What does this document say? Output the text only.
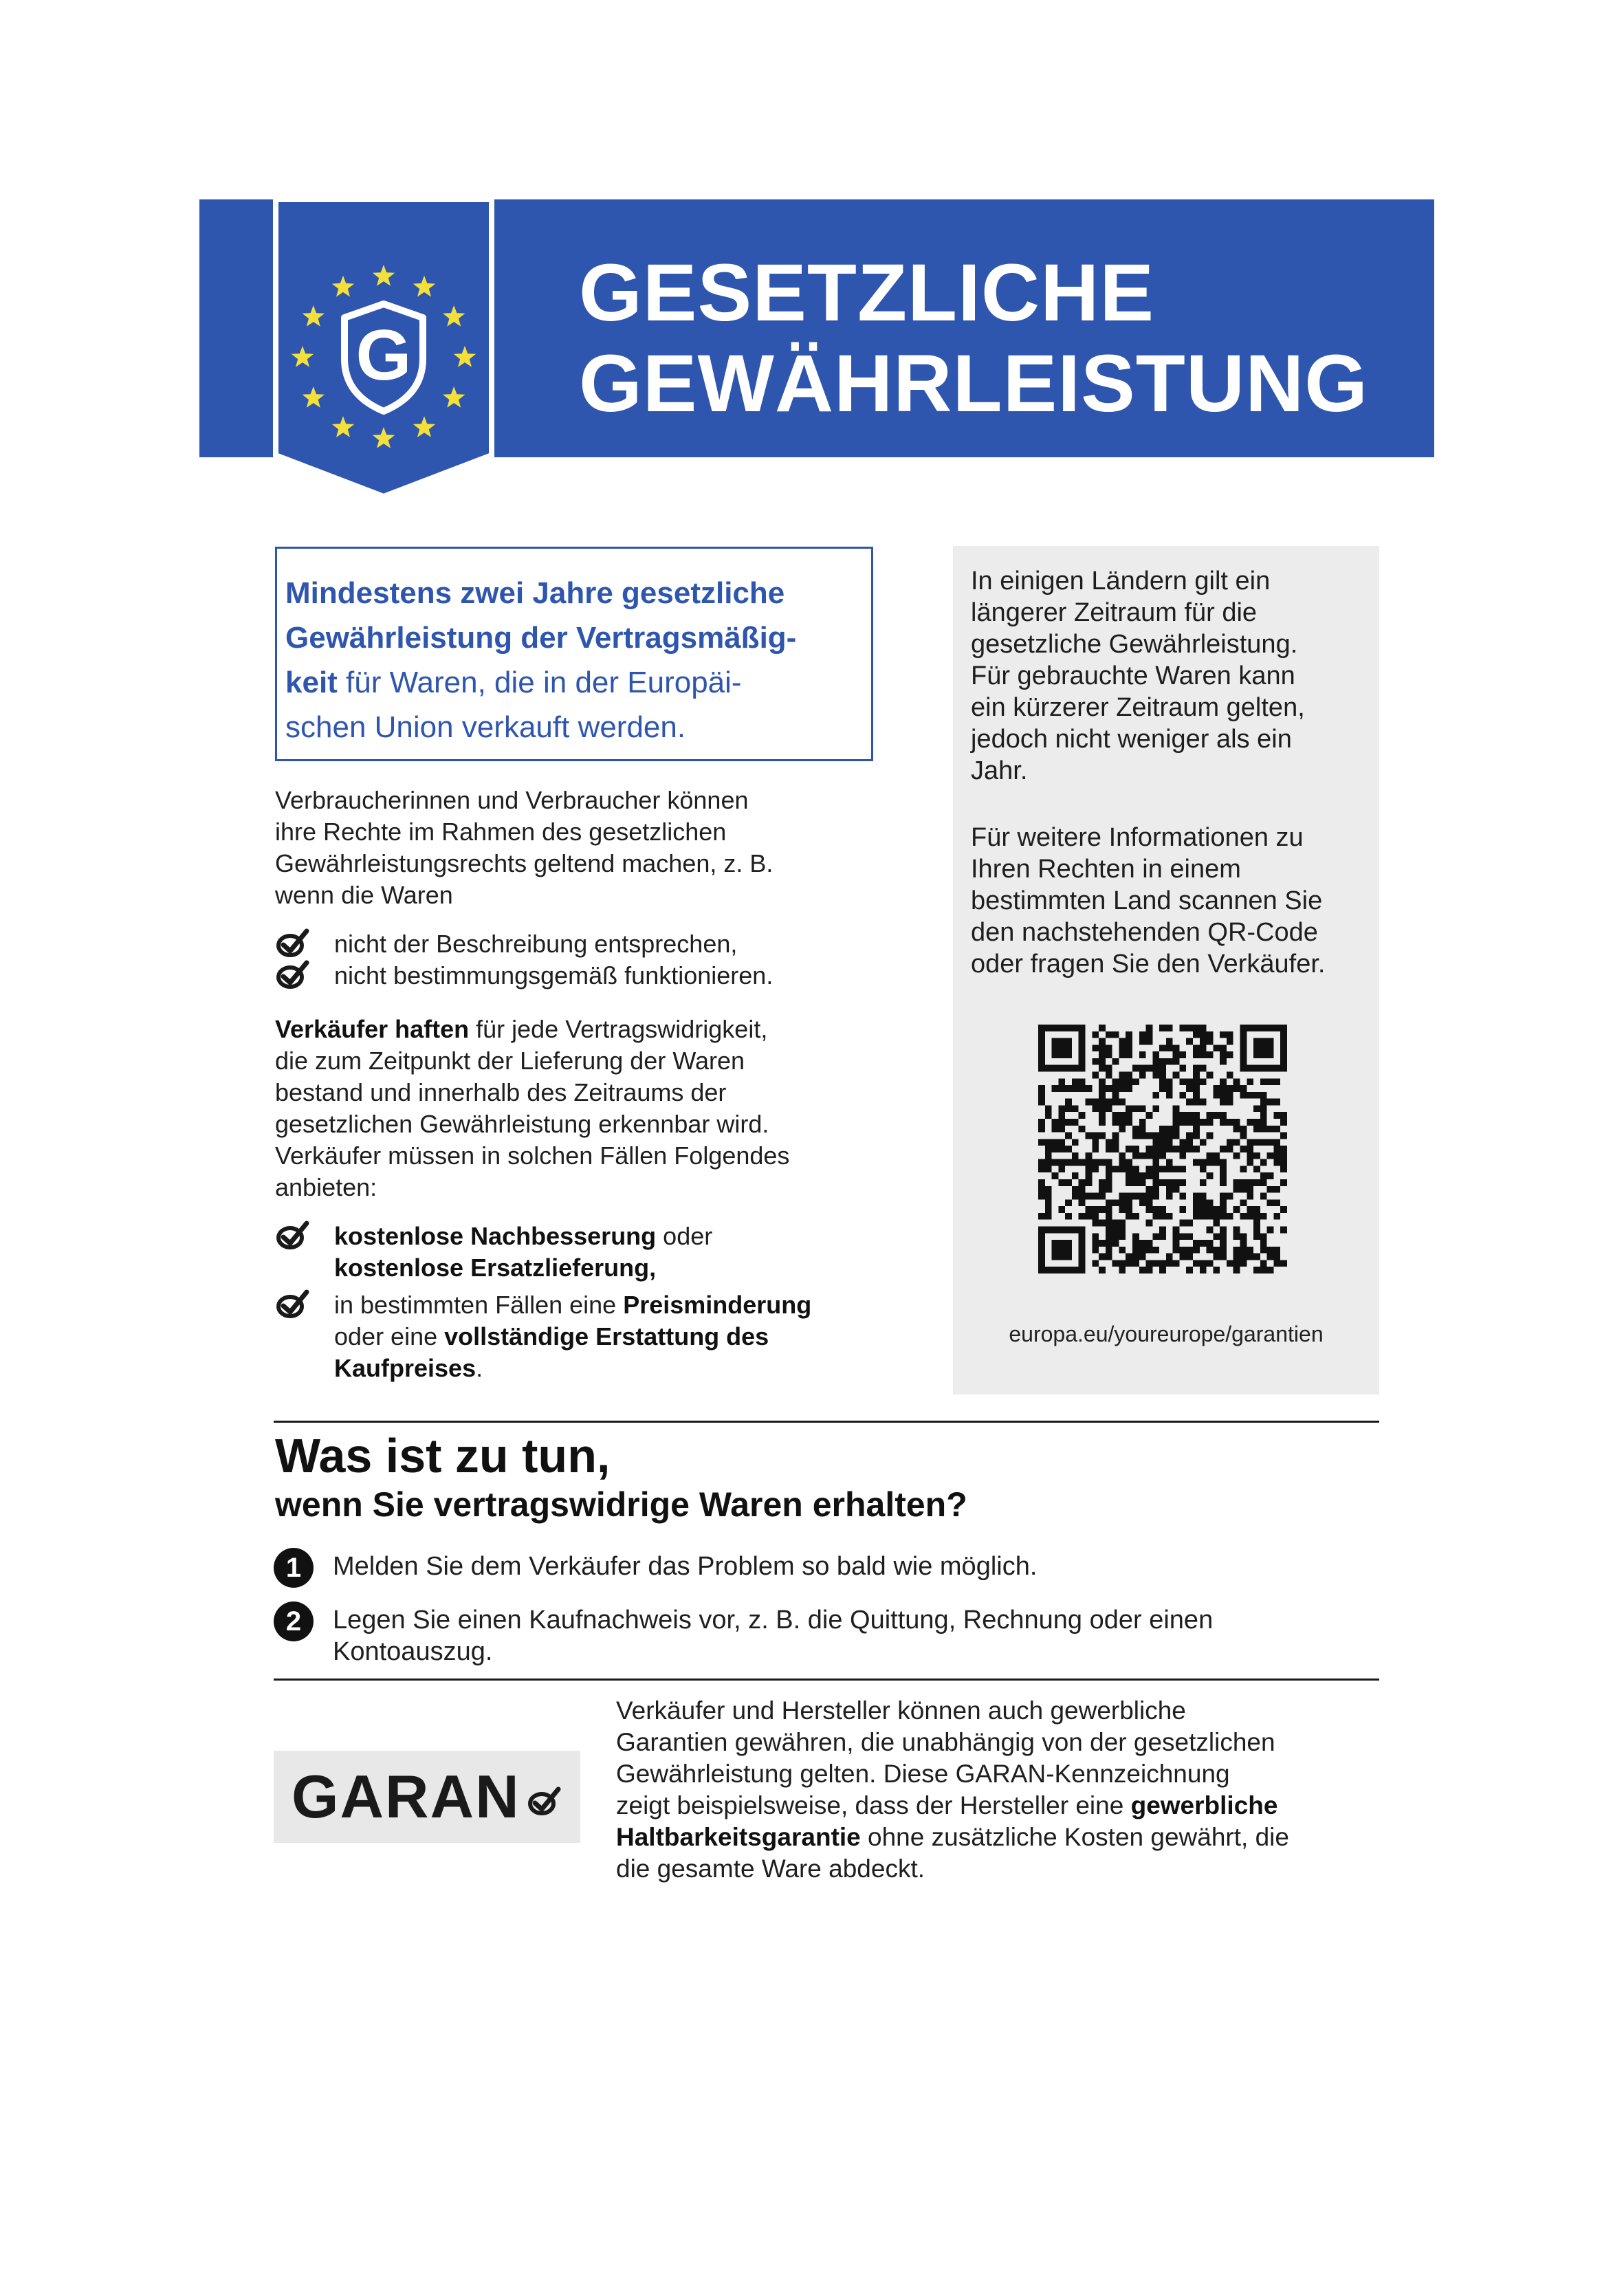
G
GESETZLICHE
GEWÄHRLEISTUNG
Mindestens zwei Jahre gesetzliche
Gewährleistung der Vertragsmäßig-
keit für Waren, die in der Europäi-
schen Union verkauft werden.
Verbraucherinnen und Verbraucher können
ihre Rechte im Rahmen des gesetzlichen
Gewährleistungsrechts geltend machen, z. B.
wenn die Waren
nicht der Beschreibung entsprechen,
nicht bestimmungsgemäß funktionieren.
Verkäufer haften für jede Vertragswidrigkeit,
die zum Zeitpunkt der Lieferung der Waren
bestand und innerhalb des Zeitraums der
gesetzlichen Gewährleistung erkennbar wird.
Verkäufer müssen in solchen Fällen Folgendes
anbieten:
kostenlose Nachbesserung oder
kostenlose Ersatzlieferung,
in bestimmten Fällen eine Preisminderung
oder eine vollständige Erstattung des
Kaufpreises.
In einigen Ländern gilt ein
längerer Zeitraum für die
gesetzliche Gewährleistung.
Für gebrauchte Waren kann
ein kürzerer Zeitraum gelten,
jedoch nicht weniger als ein
Jahr.
Für weitere Informationen zu
Ihren Rechten in einem
bestimmten Land scannen Sie
den nachstehenden QR-Code
oder fragen Sie den Verkäufer.
europa.eu/youreurope/garantien
Was ist zu tun,
wenn Sie vertragswidrige Waren erhalten?
1	Melden Sie dem Verkäufer das Problem so bald wie möglich.
2	Legen Sie einen Kaufnachweis vor, z. B. die Quittung, Rechnung oder einen
Kontoauszug.
GARAN
Verkäufer und Hersteller können auch gewerbliche
Garantien gewähren, die unabhängig von der gesetzlichen
Gewährleistung gelten. Diese GARAN-Kennzeichnung
zeigt beispielsweise, dass der Hersteller eine gewerbliche
Haltbarkeitsgarantie ohne zusätzliche Kosten gewährt, die
die gesamte Ware abdeckt.
